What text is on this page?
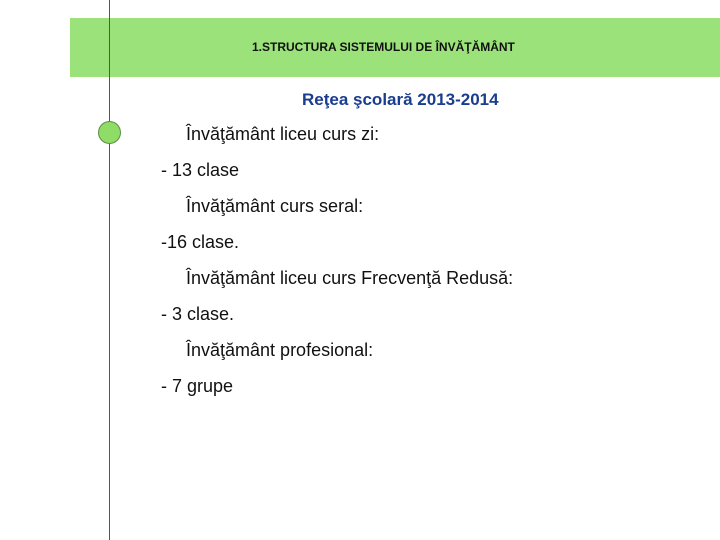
1.STRUCTURA SISTEMULUI DE ÎNVĂŢĂMÂNT
Reţea şcolară 2013-2014
Învăţământ liceu curs zi:
- 13 clase
Învăţământ curs seral:
-16 clase.
Învăţământ liceu curs Frecvenţă Redusă:
- 3 clase.
Învăţământ profesional:
- 7 grupe
